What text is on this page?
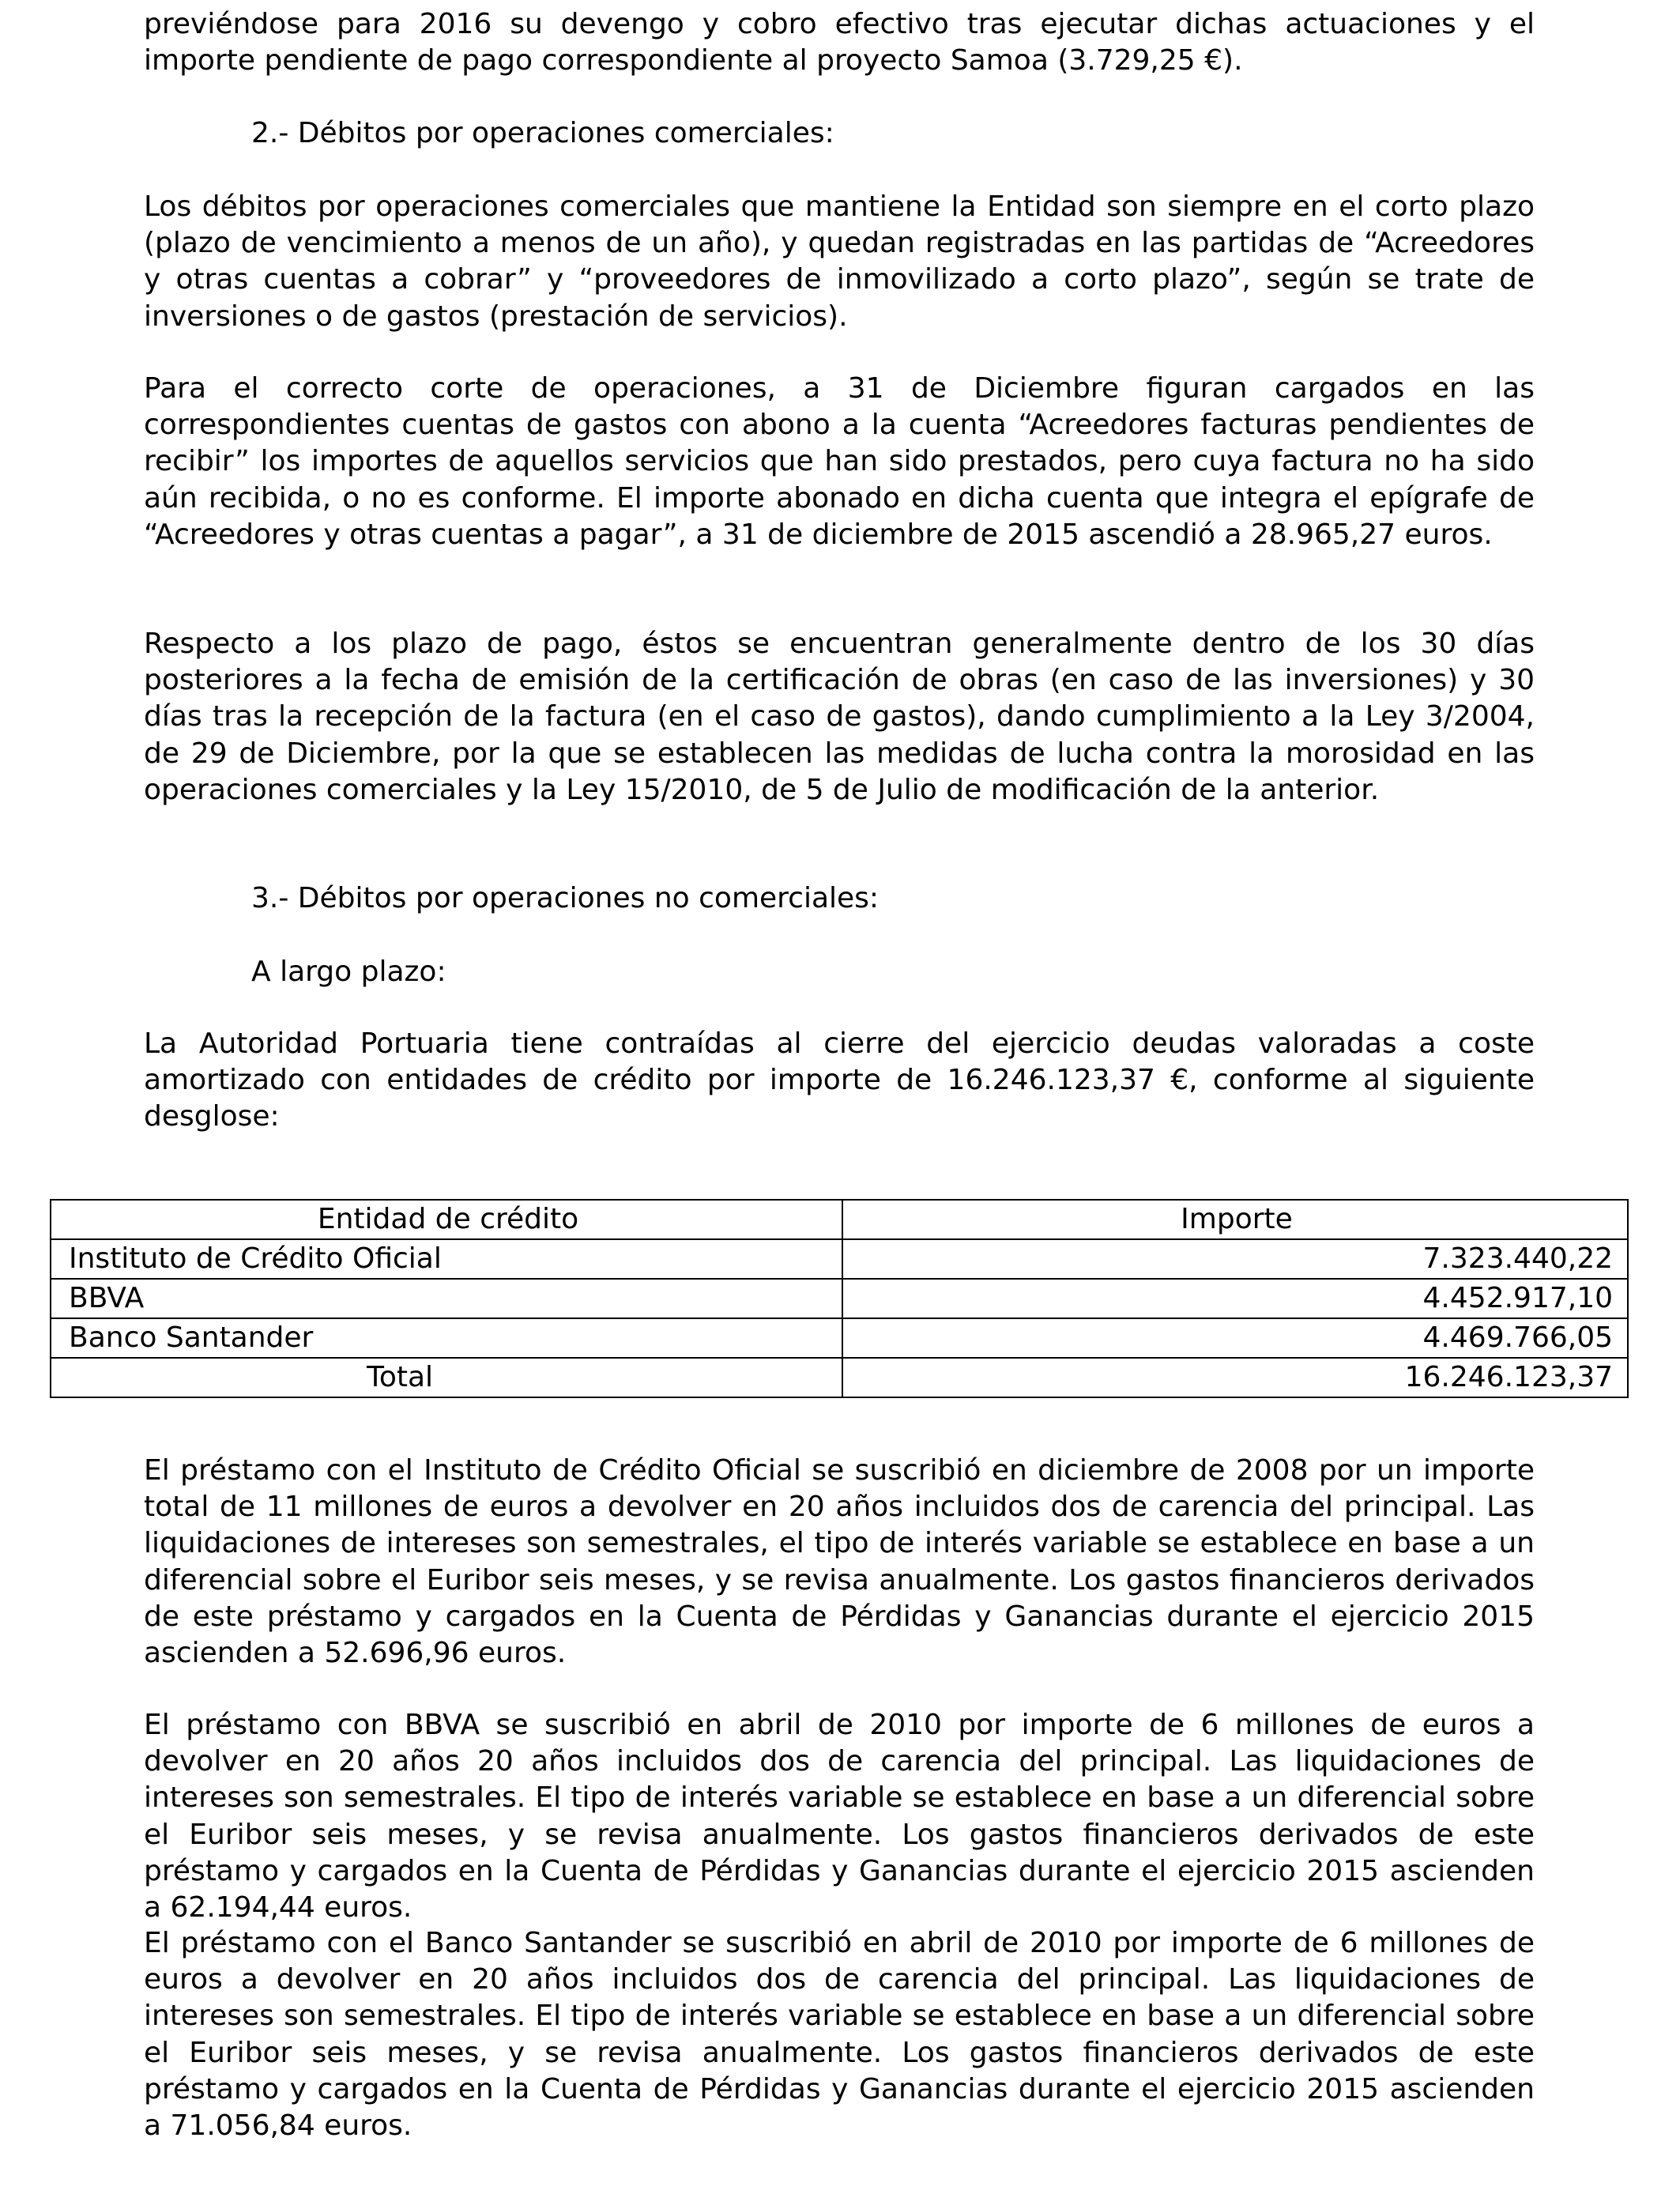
previéndose para 2016 su devengo y cobro efectivo tras ejecutar dichas actuaciones y el importe pendiente de pago correspondiente al proyecto Samoa (3.729,25 €).

2.- Débitos por operaciones comerciales:

Los débitos por operaciones comerciales que mantiene la Entidad son siempre en el corto plazo (plazo de vencimiento a menos de un año), y quedan registradas en las partidas de “Acreedores y otras cuentas a cobrar” y “proveedores de inmovilizado a corto plazo”, según se trate de inversiones o de gastos (prestación de servicios).

Para el correcto corte de operaciones, a 31 de Diciembre figuran cargados en las correspondientes cuentas de gastos con abono a la cuenta “Acreedores facturas pendientes de recibir” los importes de aquellos servicios que han sido prestados, pero cuya factura no ha sido aún recibida, o no es conforme. El importe abonado en dicha cuenta que integra el epígrafe de “Acreedores y otras cuentas a pagar”, a 31 de diciembre de 2015 ascendió a 28.965,27 euros.

Respecto a los plazo de pago, éstos se encuentran generalmente dentro de los 30 días posteriores a la fecha de emisión de la certificación de obras (en caso de las inversiones) y 30 días tras la recepción de la factura (en el caso de gastos), dando cumplimiento a la Ley 3/2004, de 29 de Diciembre, por la que se establecen las medidas de lucha contra la morosidad en las operaciones comerciales y la Ley 15/2010, de 5 de Julio de modificación de la anterior.

3.- Débitos por operaciones no comerciales:

A largo plazo:

La Autoridad Portuaria tiene contraídas al cierre del ejercicio deudas valoradas a coste amortizado con entidades de crédito por importe de 16.246.123,37 €, conforme al siguiente desglose:

Entidad de crédito	Importe
Instituto de Crédito Oficial	7.323.440,22
BBVA	4.452.917,10
Banco Santander	4.469.766,05
Total	16.246.123,37

El préstamo con el Instituto de Crédito Oficial se suscribió en diciembre de 2008 por un importe total de 11 millones de euros a devolver en 20 años incluidos dos de carencia del principal. Las liquidaciones de intereses son semestrales, el tipo de interés variable se establece en base a un diferencial sobre el Euribor seis meses, y se revisa anualmente. Los gastos financieros derivados de este préstamo y cargados en la Cuenta de Pérdidas y Ganancias durante el ejercicio 2015 ascienden a 52.696,96 euros.

El préstamo con BBVA se suscribió en abril de 2010 por importe de 6 millones de euros a devolver en 20 años 20 años incluidos dos de carencia del principal. Las liquidaciones de intereses son semestrales. El tipo de interés variable se establece en base a un diferencial sobre el Euribor seis meses, y se revisa anualmente. Los gastos financieros derivados de este préstamo y cargados en la Cuenta de Pérdidas y Ganancias durante el ejercicio 2015 ascienden a 62.194,44 euros.

El préstamo con el Banco Santander se suscribió en abril de 2010 por importe de 6 millones de euros a devolver en 20 años incluidos dos de carencia del principal. Las liquidaciones de intereses son semestrales. El tipo de interés variable se establece en base a un diferencial sobre el Euribor seis meses, y se revisa anualmente. Los gastos financieros derivados de este préstamo y cargados en la Cuenta de Pérdidas y Ganancias durante el ejercicio 2015 ascienden a 71.056,84 euros.
